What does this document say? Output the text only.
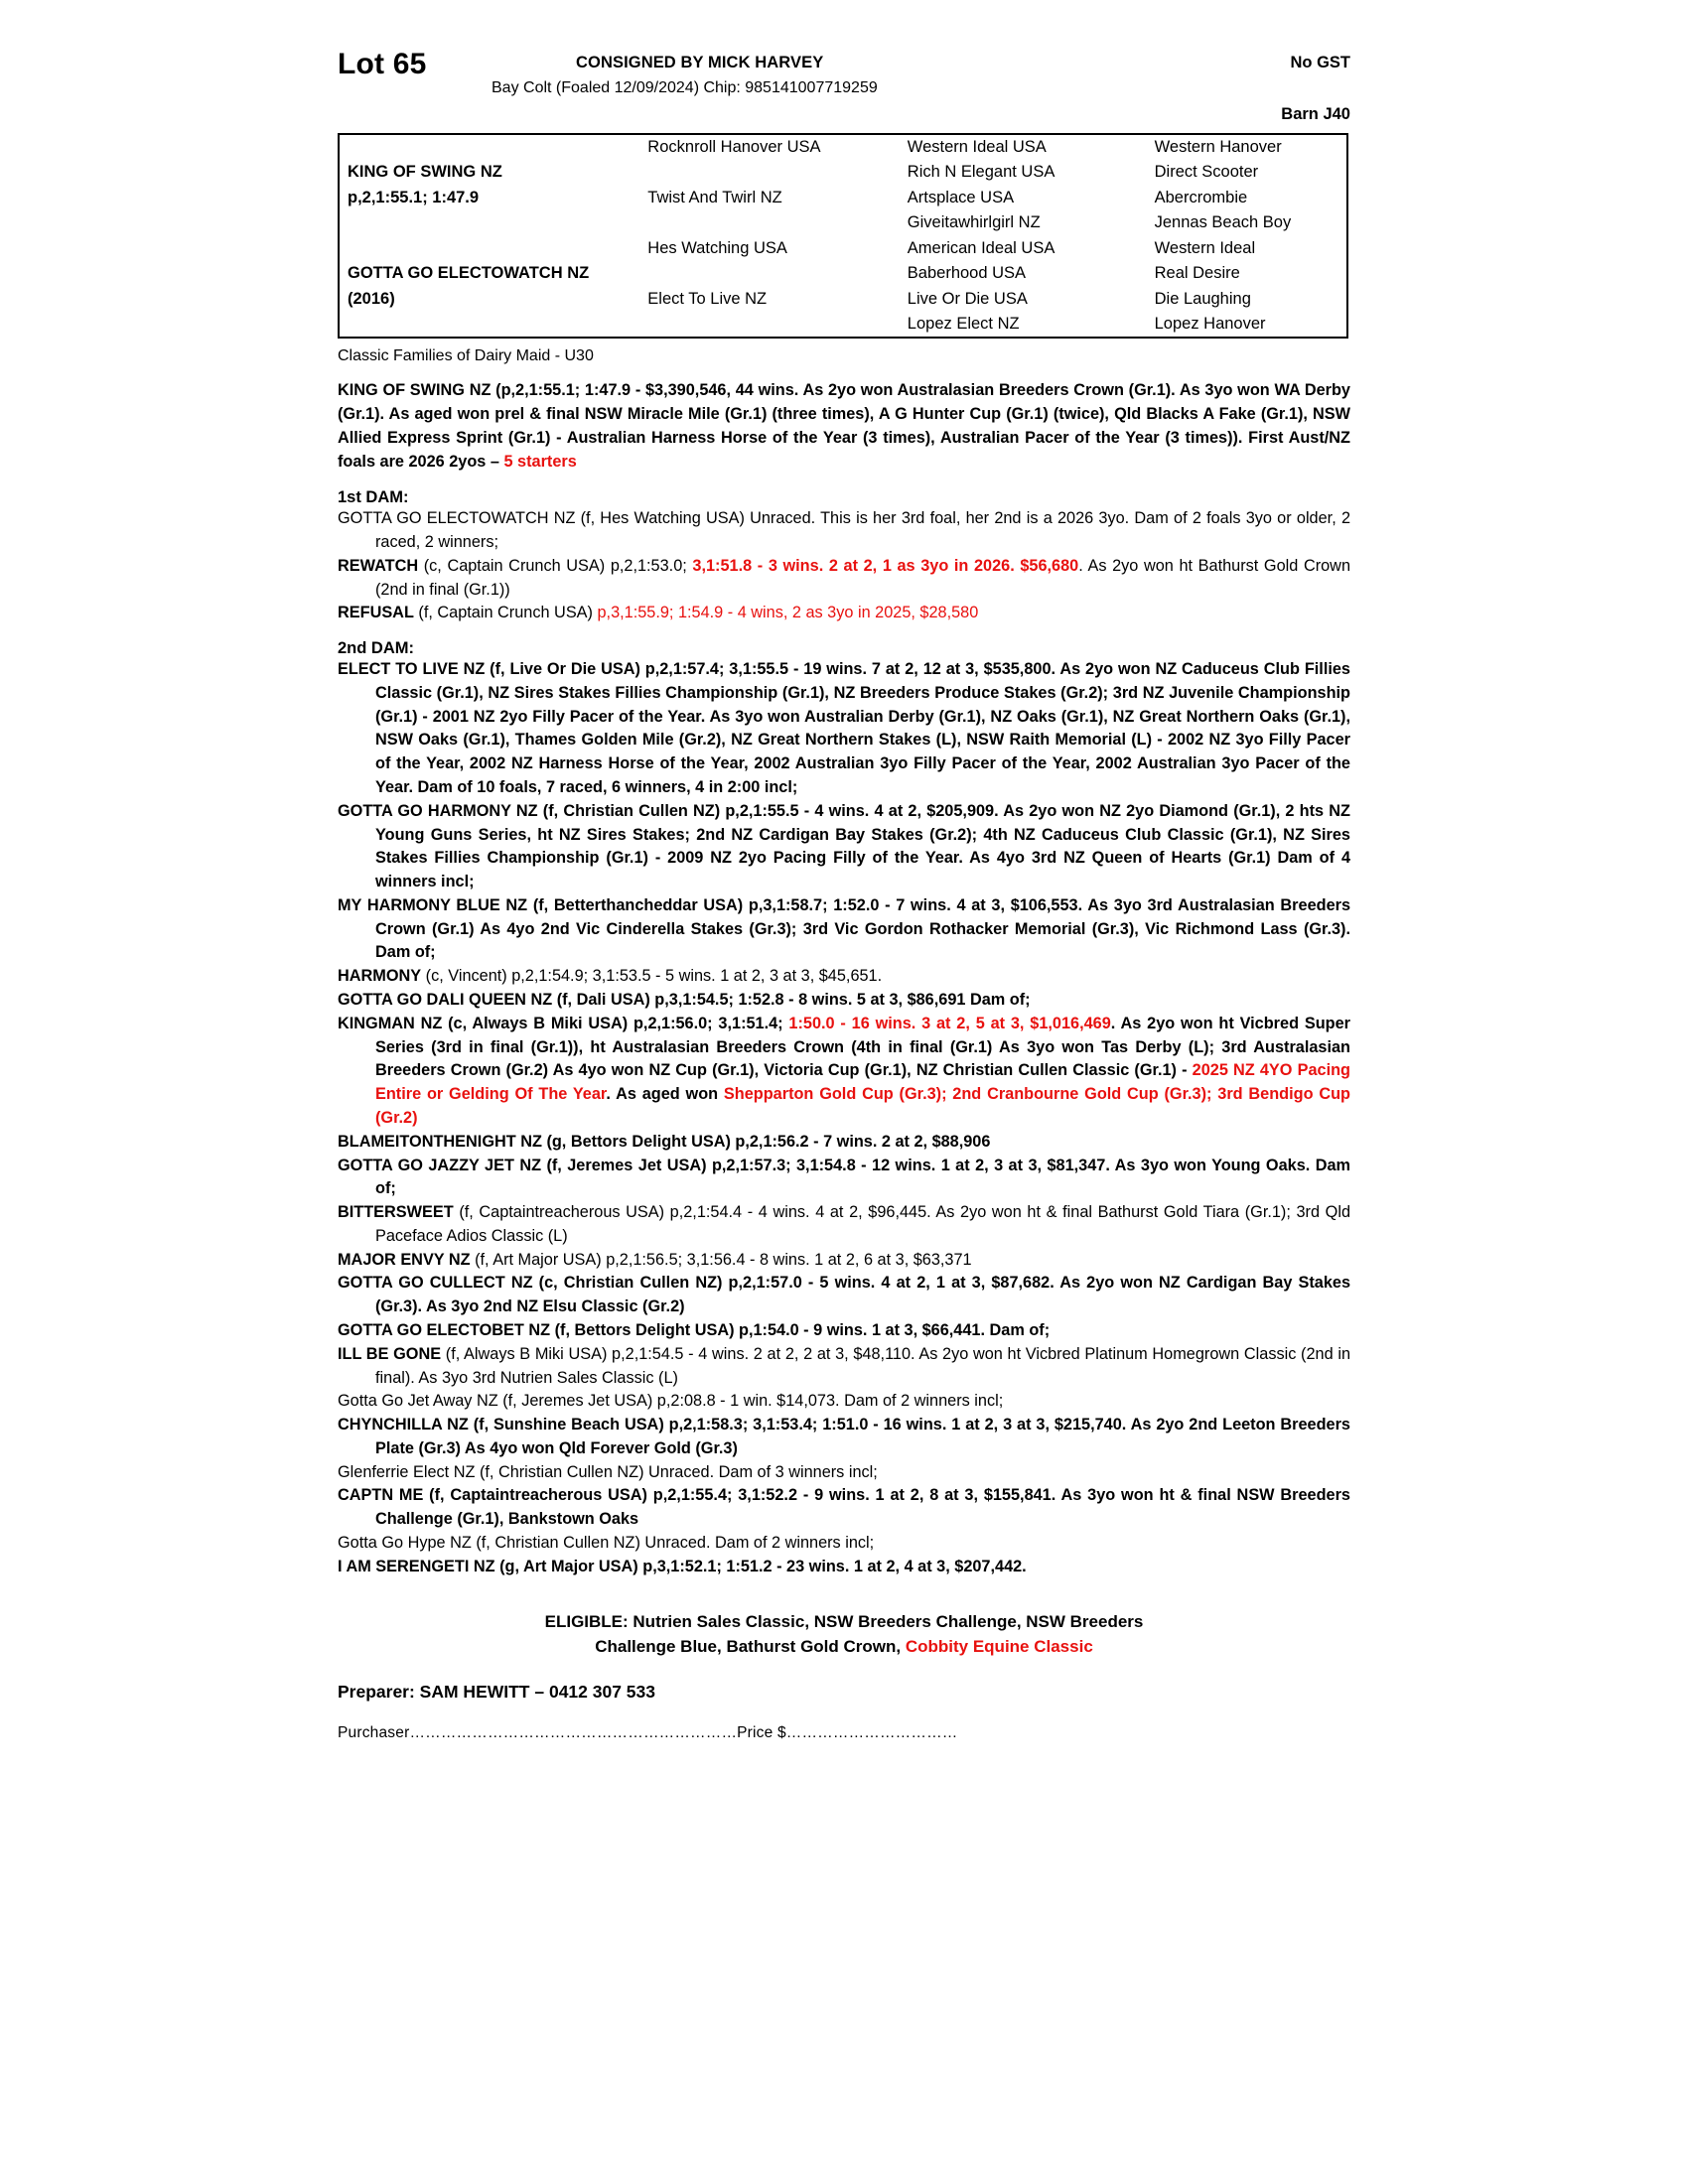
Lot 65	CONSIGNED BY MICK HARVEY	No GST
Bay Colt (Foaled 12/09/2024) Chip: 985141007719259
Barn J40
	Rocknroll Hanover USA	Western Ideal USA	Western Hanover
KING OF SWING NZ		Rich N Elegant USA	Direct Scooter
p,2,1:55.1; 1:47.9	Twist And Twirl NZ	Artsplace USA	Abercrombie
		Giveitawhirlgirl NZ	Jennas Beach Boy
	Hes Watching USA	American Ideal USA	Western Ideal
GOTTA GO ELECTOWATCH NZ		Baberhood USA	Real Desire
(2016)	Elect To Live NZ	Live Or Die USA	Die Laughing
		Lopez Elect NZ	Lopez Hanover
Classic Families of Dairy Maid - U30

KING OF SWING NZ (p,2,1:55.1; 1:47.9 - $3,390,546, 44 wins. As 2yo won Australasian Breeders Crown (Gr.1). As 3yo won WA Derby (Gr.1). As aged won prel & final NSW Miracle Mile (Gr.1) (three times), A G Hunter Cup (Gr.1) (twice), Qld Blacks A Fake (Gr.1), NSW Allied Express Sprint (Gr.1) - Australian Harness Horse of the Year (3 times), Australian Pacer of the Year (3 times)). First Aust/NZ foals are 2026 2yos – 5 starters

1st DAM:

GOTTA GO ELECTOWATCH NZ (f, Hes Watching USA) Unraced. This is her 3rd foal, her 2nd is a 2026 3yo. Dam of 2 foals 3yo or older, 2 raced, 2 winners;

REWATCH (c, Captain Crunch USA) p,2,1:53.0; 3,1:51.8 - 3 wins. 2 at 2, 1 as 3yo in 2026. $56,680. As 2yo won ht Bathurst Gold Crown (2nd in final (Gr.1))

REFUSAL (f, Captain Crunch USA) p,3,1:55.9; 1:54.9 - 4 wins, 2 as 3yo in 2025, $28,580

2nd DAM:

ELECT TO LIVE NZ (f, Live Or Die USA) p,2,1:57.4; 3,1:55.5 - 19 wins. 7 at 2, 12 at 3, $535,800. As 2yo won NZ Caduceus Club Fillies Classic (Gr.1), NZ Sires Stakes Fillies Championship (Gr.1), NZ Breeders Produce Stakes (Gr.2); 3rd NZ Juvenile Championship (Gr.1) - 2001 NZ 2yo Filly Pacer of the Year. As 3yo won Australian Derby (Gr.1), NZ Oaks (Gr.1), NZ Great Northern Oaks (Gr.1), NSW Oaks (Gr.1), Thames Golden Mile (Gr.2), NZ Great Northern Stakes (L), NSW Raith Memorial (L) - 2002 NZ 3yo Filly Pacer of the Year, 2002 NZ Harness Horse of the Year, 2002 Australian 3yo Filly Pacer of the Year, 2002 Australian 3yo Pacer of the Year. Dam of 10 foals, 7 raced, 6 winners, 4 in 2:00 incl;

GOTTA GO HARMONY NZ (f, Christian Cullen NZ) p,2,1:55.5 - 4 wins. 4 at 2, $205,909. As 2yo won NZ 2yo Diamond (Gr.1), 2 hts NZ Young Guns Series, ht NZ Sires Stakes; 2nd NZ Cardigan Bay Stakes (Gr.2); 4th NZ Caduceus Club Classic (Gr.1), NZ Sires Stakes Fillies Championship (Gr.1) - 2009 NZ 2yo Pacing Filly of the Year. As 4yo 3rd NZ Queen of Hearts (Gr.1) Dam of 4 winners incl;

MY HARMONY BLUE NZ (f, Betterthancheddar USA) p,3,1:58.7; 1:52.0 - 7 wins. 4 at 3, $106,553. As 3yo 3rd Australasian Breeders Crown (Gr.1) As 4yo 2nd Vic Cinderella Stakes (Gr.3); 3rd Vic Gordon Rothacker Memorial (Gr.3), Vic Richmond Lass (Gr.3). Dam of;

HARMONY (c, Vincent) p,2,1:54.9; 3,1:53.5 - 5 wins. 1 at 2, 3 at 3, $45,651.

GOTTA GO DALI QUEEN NZ (f, Dali USA) p,3,1:54.5; 1:52.8 - 8 wins. 5 at 3, $86,691 Dam of;

KINGMAN NZ (c, Always B Miki USA) p,2,1:56.0; 3,1:51.4; 1:50.0 - 16 wins. 3 at 2, 5 at 3, $1,016,469. As 2yo won ht Vicbred Super Series (3rd in final (Gr.1)), ht Australasian Breeders Crown (4th in final (Gr.1) As 3yo won Tas Derby (L); 3rd Australasian Breeders Crown (Gr.2) As 4yo won NZ Cup (Gr.1), Victoria Cup (Gr.1), NZ Christian Cullen Classic (Gr.1) - 2025 NZ 4YO Pacing Entire or Gelding Of The Year. As aged won Shepparton Gold Cup (Gr.3); 2nd Cranbourne Gold Cup (Gr.3); 3rd Bendigo Cup (Gr.2)

BLAMEITONTHENIGHT NZ (g, Bettors Delight USA) p,2,1:56.2 - 7 wins. 2 at 2, $88,906

GOTTA GO JAZZY JET NZ (f, Jeremes Jet USA) p,2,1:57.3; 3,1:54.8 - 12 wins. 1 at 2, 3 at 3, $81,347. As 3yo won Young Oaks. Dam of;

BITTERSWEET (f, Captaintreacherous USA) p,2,1:54.4 - 4 wins. 4 at 2, $96,445. As 2yo won ht & final Bathurst Gold Tiara (Gr.1); 3rd Qld Paceface Adios Classic (L)

MAJOR ENVY NZ (f, Art Major USA) p,2,1:56.5; 3,1:56.4 - 8 wins. 1 at 2, 6 at 3, $63,371

GOTTA GO CULLECT NZ (c, Christian Cullen NZ) p,2,1:57.0 - 5 wins. 4 at 2, 1 at 3, $87,682. As 2yo won NZ Cardigan Bay Stakes (Gr.3). As 3yo 2nd NZ Elsu Classic (Gr.2)

GOTTA GO ELECTOBET NZ (f, Bettors Delight USA) p,1:54.0 - 9 wins. 1 at 3, $66,441. Dam of;

ILL BE GONE (f, Always B Miki USA) p,2,1:54.5 - 4 wins. 2 at 2, 2 at 3, $48,110. As 2yo won ht Vicbred Platinum Homegrown Classic (2nd in final). As 3yo 3rd Nutrien Sales Classic (L)

Gotta Go Jet Away NZ (f, Jeremes Jet USA) p,2:08.8 - 1 win. $14,073. Dam of 2 winners incl;

CHYNCHILLA NZ (f, Sunshine Beach USA) p,2,1:58.3; 3,1:53.4; 1:51.0 - 16 wins. 1 at 2, 3 at 3, $215,740. As 2yo 2nd Leeton Breeders Plate (Gr.3) As 4yo won Qld Forever Gold (Gr.3)

Glenferrie Elect NZ (f, Christian Cullen NZ) Unraced. Dam of 3 winners incl;

CAPTN ME (f, Captaintreacherous USA) p,2,1:55.4; 3,1:52.2 - 9 wins. 1 at 2, 8 at 3, $155,841. As 3yo won ht & final NSW Breeders Challenge (Gr.1), Bankstown Oaks

Gotta Go Hype NZ (f, Christian Cullen NZ) Unraced. Dam of 2 winners incl;

I AM SERENGETI NZ (g, Art Major USA) p,3,1:52.1; 1:51.2 - 23 wins. 1 at 2, 4 at 3, $207,442.

ELIGIBLE: Nutrien Sales Classic, NSW Breeders Challenge, NSW Breeders
Challenge Blue, Bathurst Gold Crown, Cobbity Equine Classic
Preparer: SAM HEWITT – 0412 307 533
Purchaser………………………………………………………Price $……………………………
